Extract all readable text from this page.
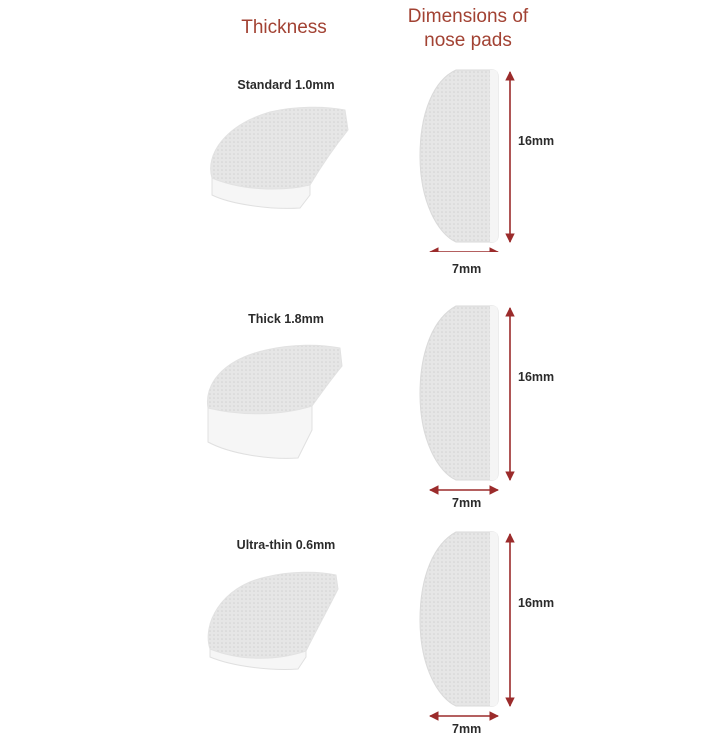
Thickness
Dimensions of
nose pads
Standard 1.0mm
16mm
7mm
Thick 1.8mm
16mm
7mm
Ultra-thin 0.6mm
16mm
7mm
